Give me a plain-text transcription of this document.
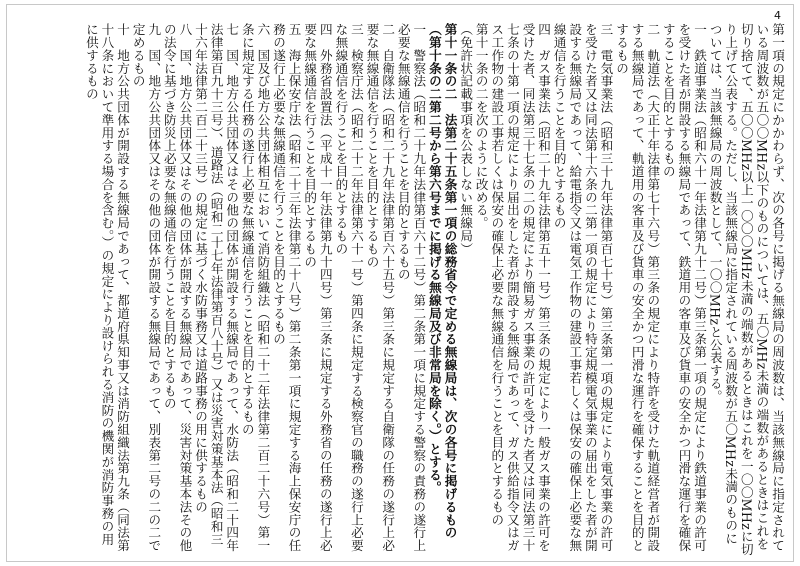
4

第一項の規定にかかわらず、次の各号に掲げる無線局の周波数は、当該無線局に指定されている周波数が五〇〇MHz以下のものについては、五〇MHz未満の端数があるときはこれを切り捨てて、五〇〇MHz以上一〇〇〇MHz未満の端数があるときはこれを一〇〇MHzに切り上げて公表する。ただし、当該無線局に指定されている周波数が五〇MHz未満のものについては、当該無線局の周波数として、一〇〇MHzと公表する。

一　鉄道事業法（昭和六十一年法律第九十二号）第三条第一項の規定により鉄道事業の許可を受けた者が開設する無線局であって、鉄道用の客車及び貨車の安全かつ円滑な運行を確保することを目的とするもの

二　軌道法（大正十年法律第七十六号）第三条の規定により特許を受けた軌道経営者が開設する無線局であって、軌道用の客車及び貨車の安全かつ円滑な運行を確保することを目的とするもの

三　電気事業法（昭和三十九年法律第百七十号）第三条第一項の規定により電気事業の許可を受けた者又は同法第十六条の二第一項の規定により特定規模電気事業の届出をした者が開設する無線局であって、給電指令又は電気工作物の建設工事若しくは保安の確保上必要な無線通信を行うことを目的とするもの

四　ガス事業法（昭和二十九年法律第五十一号）第三条の規定により一般ガス事業の許可を受けた者、同法第三十七条の二の規定により簡易ガス事業の許可を受けた者又は同法第三十七条の十第一項の規定により届出をした者が開設する無線局であって、ガス供給指令又はガス工作物の建設工事若しくは保安の確保上必要な無線通信を行うことを目的とするもの

第十一条の二を次のように改める。

（免許状記載事項を公表しない無線局）

第十一条の二　法第二十五条第一項の総務省令で定める無線局は、次の各号に掲げるもの（第十条の二第二号から第六号までに掲げる無線局及び非常局を除く。）とする。

一　警察法（昭和二十九年法律第百六十二号）第二条第一項に規定する警察の責務の遂行上必要な無線通信を行うことを目的とするもの

二　自衛隊法（昭和二十九年法律第百六十五号）第三条に規定する自衛隊の任務の遂行上必要な無線通信を行うことを目的とするもの

三　検察庁法（昭和二十二年法律第六十一号）第四条に規定する検察官の職務の遂行上必要な無線通信を行うことを目的とするもの

四　外務省設置法（平成十一年法律第九十四号）第三条に規定する外務省の任務の遂行上必要な無線通信を行うことを目的とするもの

五　海上保安庁法（昭和二十三年法律第二十八号）第二条第一項に規定する海上保安庁の任務の遂行上必要な無線通信を行うことを目的とするもの

六　国及び地方公共団体相互において消防組織法（昭和二十二年法律第二百二十六号）第一条に規定する任務の遂行上必要な無線通信を行うことを目的とするもの

七　国、地方公共団体又はその他の団体が開設する無線局であって、水防法（昭和二十四年法律第百九十三号）、道路法（昭和二十七年法律第百八十号）又は災害対策基本法（昭和三十六年法律第二百二十三号）の規定に基づく水防事務又は道路事務の用に供するもの

八　国、地方公共団体又はその他の団体が開設する無線局であって、災害対策基本法その他の法令に基づき防災上必要な無線通信を行うことを目的とするもの

九　国、地方公共団体又はその他の団体が開設する無線局であって、別表第二号の二の二で定めるもの

十　地方公共団体が開設する無線局であって、都道府県知事又は消防組織法第九条（同法第十八条において準用する場合を含む。）の規定により設けられる消防の機関が消防事務の用に供するもの
